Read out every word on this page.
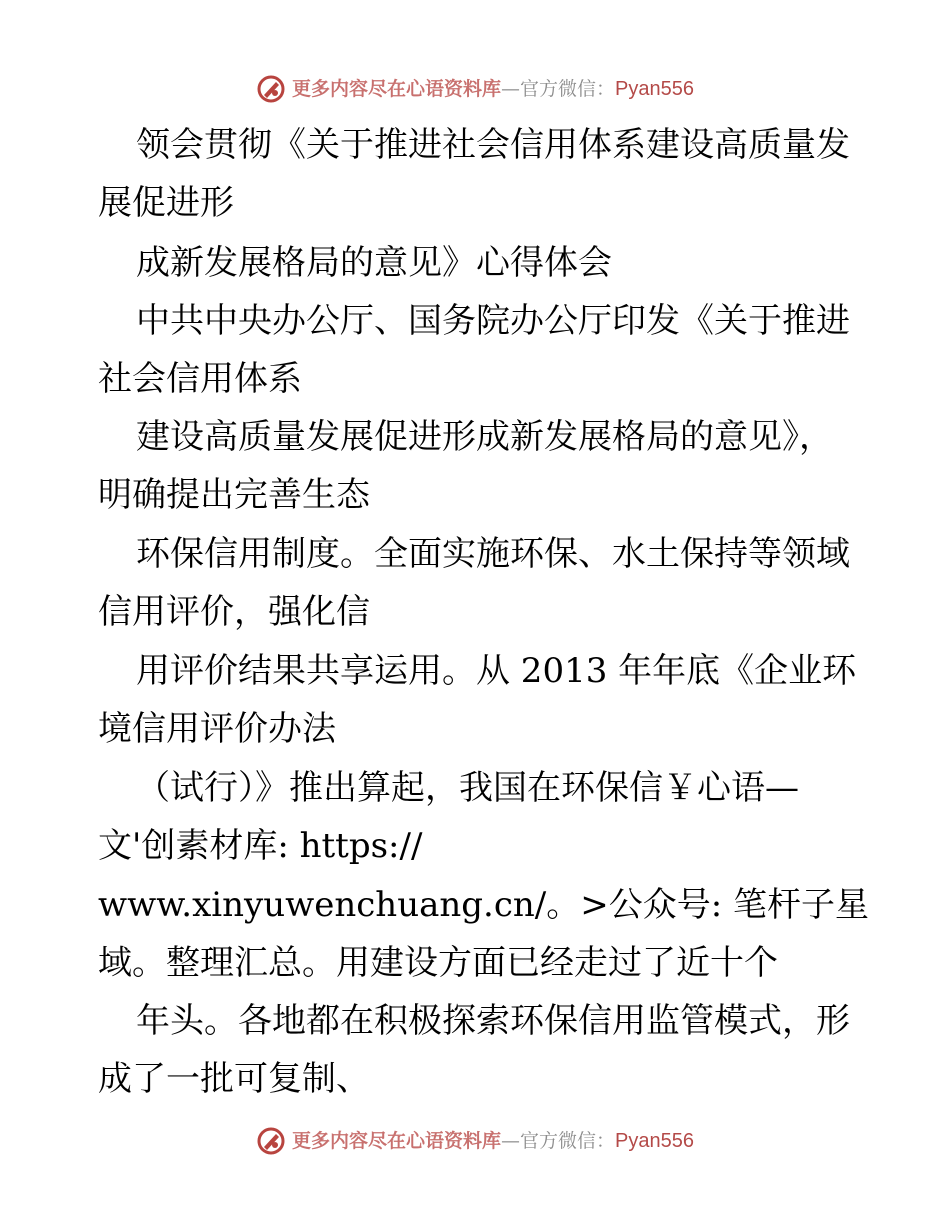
更多内容尽在心语资料库 — 官方微信： Pyan556
领会贯彻《关于推进社会信用体系建设高质量发
展促进形
成新发展格局的意见》心得体会
中共中央办公厅、国务院办公厅印发《关于推进
社会信用体系
建设高质量发展促进形成新发展格局的意见》，
明确提出完善生态
环保信用制度。全面实施环保、水土保持等领域
信用评价，强化信
用评价结果共享运用。从 2013 年年底《企业环
境信用评价办法
（试行）》推出算起，我国在环保信￥心语—
文'创素材库: https://
www.xinyuwenchuang.cn/。>公众号: 笔杆子星
域。整理汇总。用建设方面已经走过了近十个
年头。各地都在积极探索环保信用监管模式，形
成了一批可复制、
更多内容尽在心语资料库 — 官方微信： Pyan556
